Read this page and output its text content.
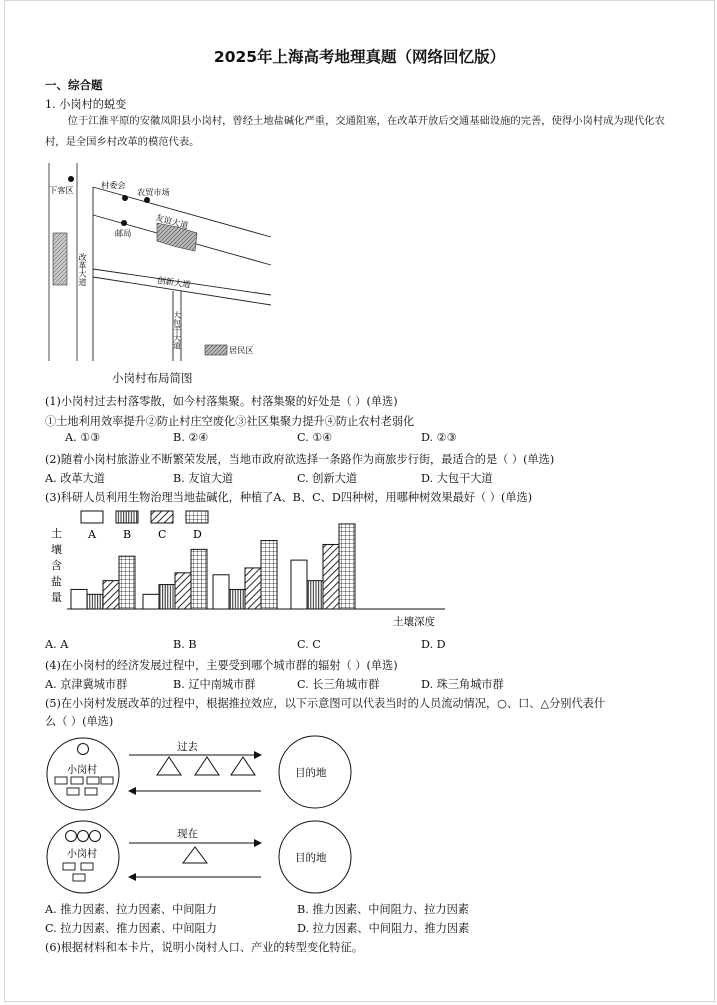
2025年上海高考地理真题（网络回忆版）
一、综合题
1. 小岗村的蜕变
位于江淮平原的安徽凤阳县小岗村，曾经土地盐碱化严重，交通阻塞，在改革开放后交通基础设施的完善，使得小岗村成为现代化农村，是全国乡村改革的模范代表。
下客区	村委会
农贸市场
邮局
友谊大道
创新大道
改革大道
大包干大道
居民区
小岗村布局简图
(1)小岗村过去村落零散，如今村落集聚。村落集聚的好处是（ ）(单选)
①土地利用效率提升②防止村庄空废化③社区集聚力提升④防止农村老弱化
A. ①③	B. ②④	C. ①④	D. ②③
(2)随着小岗村旅游业不断繁荣发展，当地市政府欲选择一条路作为商旅步行街，最适合的是（ ）(单选)
A. 改革大道	B. 友谊大道	C. 创新大道	D. 大包干大道
(3)科研人员利用生物治理当地盐碱化，种植了A、B、C、D四种树，用哪种树效果最好（ ）(单选)
A B C D
土
壤
含
盐
量
土壤深度
A. A	B. B	C. C	D. D
(4)在小岗村的经济发展过程中，主要受到哪个城市群的辐射（ ）(单选)
A. 京津冀城市群	B. 辽中南城市群	C. 长三角城市群	D. 珠三角城市群
(5)在小岗村发展改革的过程中，根据推拉效应，以下示意图可以代表当时的人员流动情况，○、口、△分别代表什
么（ ）(单选)
小岗村
过去
目的地
小岗村
现在
目的地
A. 推力因素、拉力因素、中间阻力	B. 推力因素、中间阻力、拉力因素
C. 拉力因素、推力因素、中间阻力	D. 拉力因素、中间阻力、推力因素
(6)根据材料和本卡片，说明小岗村人口、产业的转型变化特征。
